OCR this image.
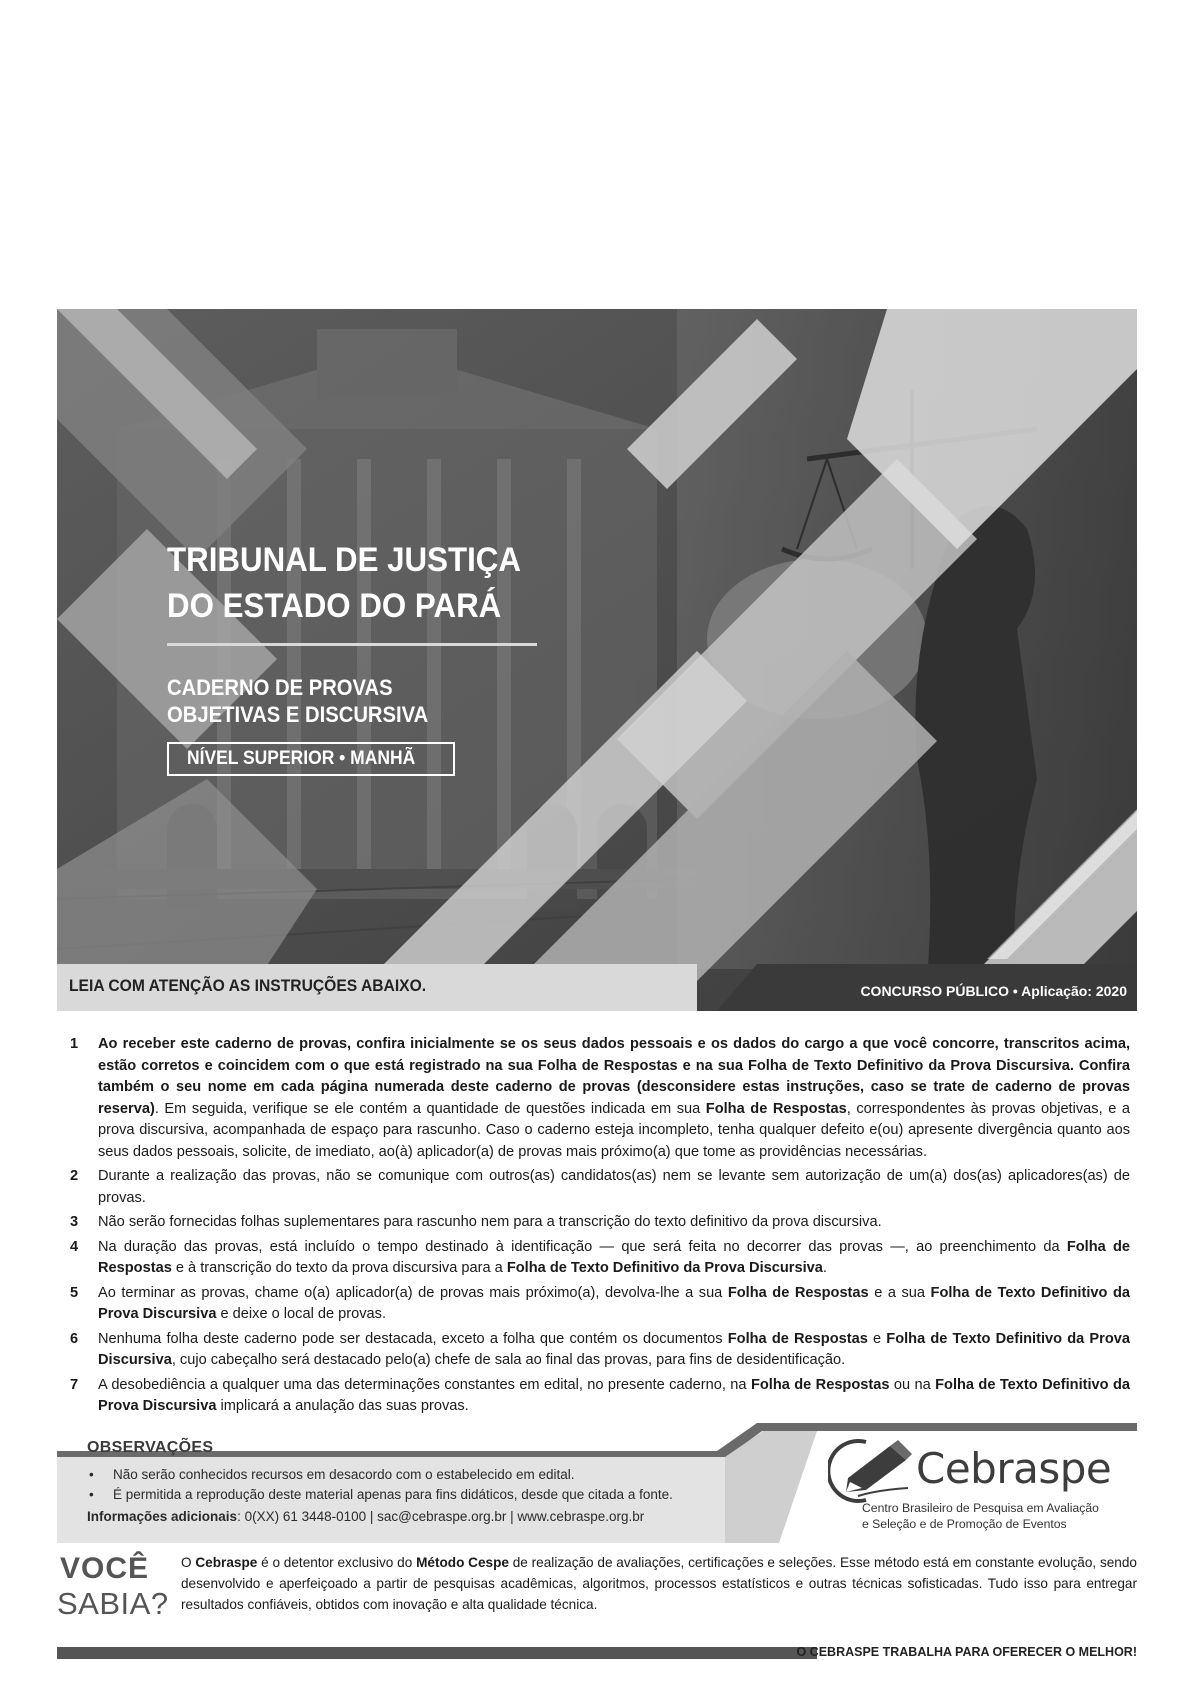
TRIBUNAL DE JUSTIÇA
DO ESTADO DO PARÁ
CADERNO DE PROVAS
OBJETIVAS E DISCURSIVA
NÍVEL SUPERIOR • MANHÃ
LEIA COM ATENÇÃO AS INSTRUÇÕES ABAIXO.	CONCURSO PÚBLICO • Aplicação: 2020
1 Ao receber este caderno de provas, confira inicialmente se os seus dados pessoais e os dados do cargo a que você concorre, transcritos acima, estão corretos e coincidem com o que está registrado na sua Folha de Respostas e na sua Folha de Texto Definitivo da Prova Discursiva. Confira também o seu nome em cada página numerada deste caderno de provas (desconsidere estas instruções, caso se trate de caderno de provas reserva). Em seguida, verifique se ele contém a quantidade de questões indicada em sua Folha de Respostas, correspondentes às provas objetivas, e a prova discursiva, acompanhada de espaço para rascunho. Caso o caderno esteja incompleto, tenha qualquer defeito e(ou) apresente divergência quanto aos seus dados pessoais, solicite, de imediato, ao(à) aplicador(a) de provas mais próximo(a) que tome as providências necessárias.
2 Durante a realização das provas, não se comunique com outros(as) candidatos(as) nem se levante sem autorização de um(a) dos(as) aplicadores(as) de provas.
3 Não serão fornecidas folhas suplementares para rascunho nem para a transcrição do texto definitivo da prova discursiva.
4 Na duração das provas, está incluído o tempo destinado à identificação — que será feita no decorrer das provas —, ao preenchimento da Folha de Respostas e à transcrição do texto da prova discursiva para a Folha de Texto Definitivo da Prova Discursiva.
5 Ao terminar as provas, chame o(a) aplicador(a) de provas mais próximo(a), devolva-lhe a sua Folha de Respostas e a sua Folha de Texto Definitivo da Prova Discursiva e deixe o local de provas.
6 Nenhuma folha deste caderno pode ser destacada, exceto a folha que contém os documentos Folha de Respostas e Folha de Texto Definitivo da Prova Discursiva, cujo cabeçalho será destacado pelo(a) chefe de sala ao final das provas, para fins de desidentificação.
7 A desobediência a qualquer uma das determinações constantes em edital, no presente caderno, na Folha de Respostas ou na Folha de Texto Definitivo da Prova Discursiva implicará a anulação das suas provas.
OBSERVAÇÕES
• Não serão conhecidos recursos em desacordo com o estabelecido em edital.
• É permitida a reprodução deste material apenas para fins didáticos, desde que citada a fonte.
Informações adicionais: 0(XX) 61 3448-0100 | sac@cebraspe.org.br | www.cebraspe.org.br
Cebraspe
Centro Brasileiro de Pesquisa em Avaliação
e Seleção e de Promoção de Eventos
VOCÊ
SABIA?
O Cebraspe é o detentor exclusivo do Método Cespe de realização de avaliações, certificações e seleções. Esse método está em constante evolução, sendo desenvolvido e aperfeiçoado a partir de pesquisas acadêmicas, algoritmos, processos estatísticos e outras técnicas sofisticadas. Tudo isso para entregar resultados confiáveis, obtidos com inovação e alta qualidade técnica.
O CEBRASPE TRABALHA PARA OFERECER O MELHOR!
